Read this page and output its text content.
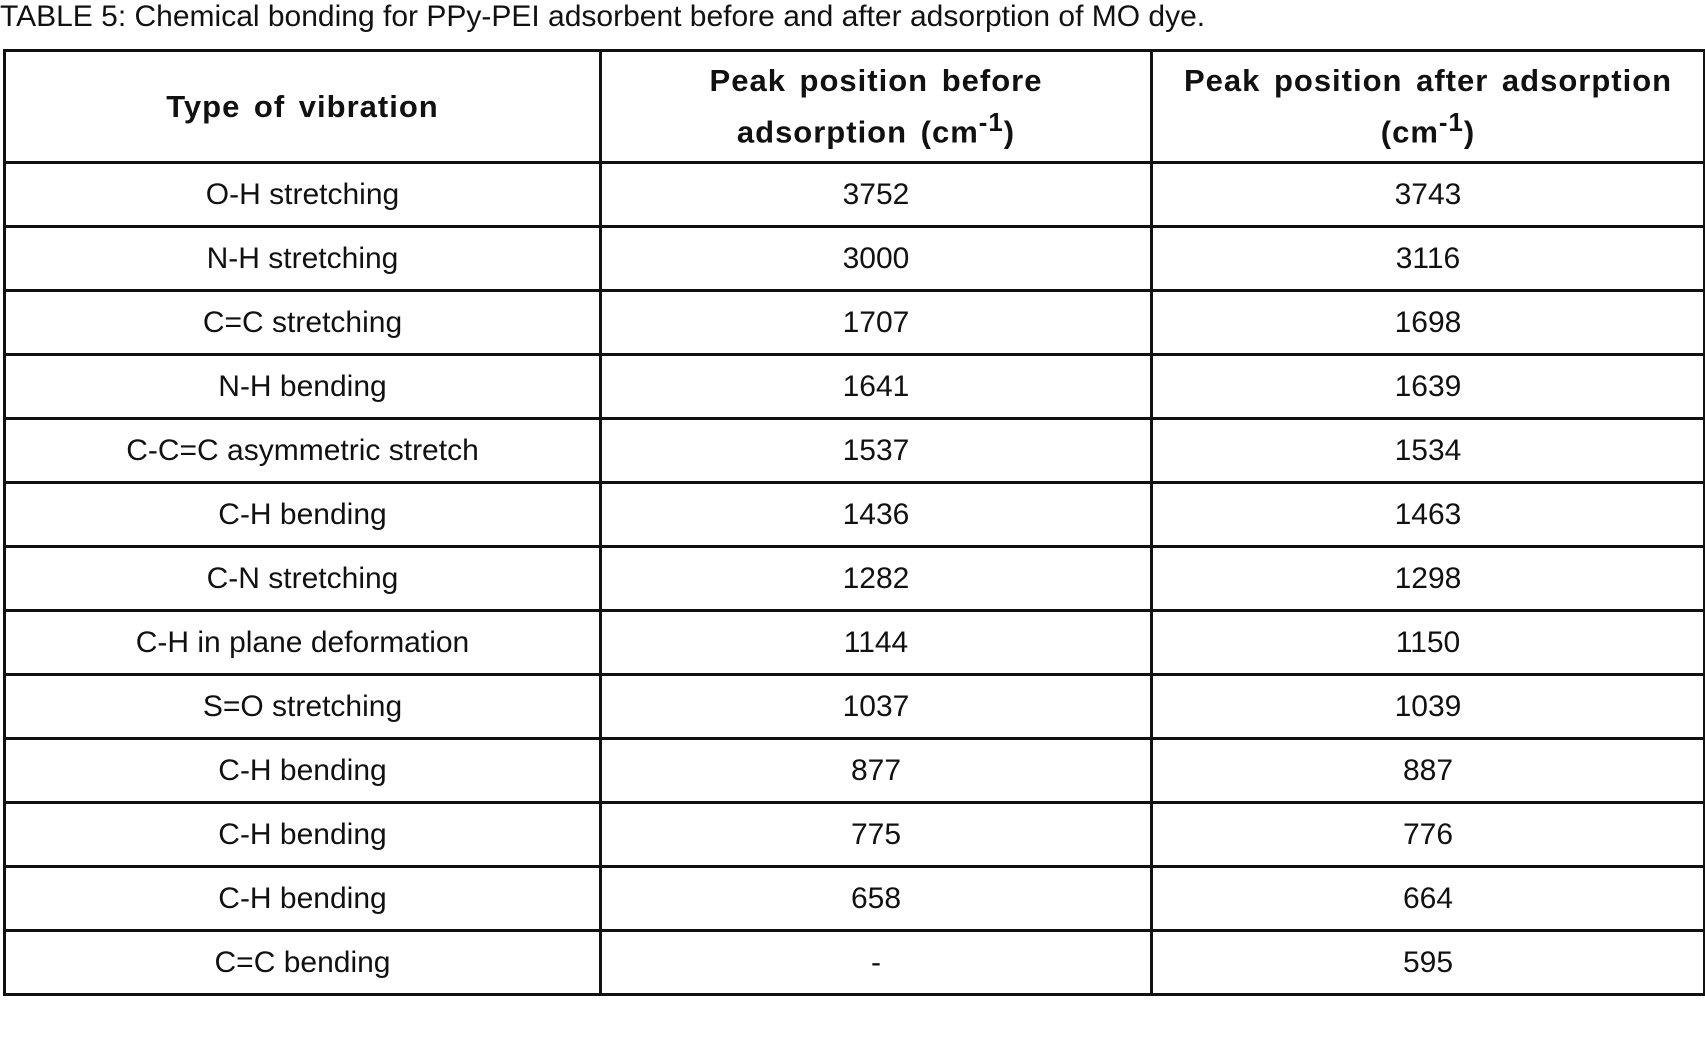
TABLE 5: Chemical bonding for PPy-PEI adsorbent before and after adsorption of MO dye.
Type of vibration	Peak position before adsorption $(cm^{-1})$	Peak position after adsorption $(cm^{-1})$
O-H stretching	3752	3743
N-H stretching	3000	3116
C=C stretching	1707	1698
N-H bending	1641	1639
C-C=C asymmetric stretch	1537	1534
C-H bending	1436	1463
C-N stretching	1282	1298
C-H in plane deformation	1144	1150
S=O stretching	1037	1039
C-H bending	877	887
C-H bending	775	776
C-H bending	658	664
C=C bending	-	595
